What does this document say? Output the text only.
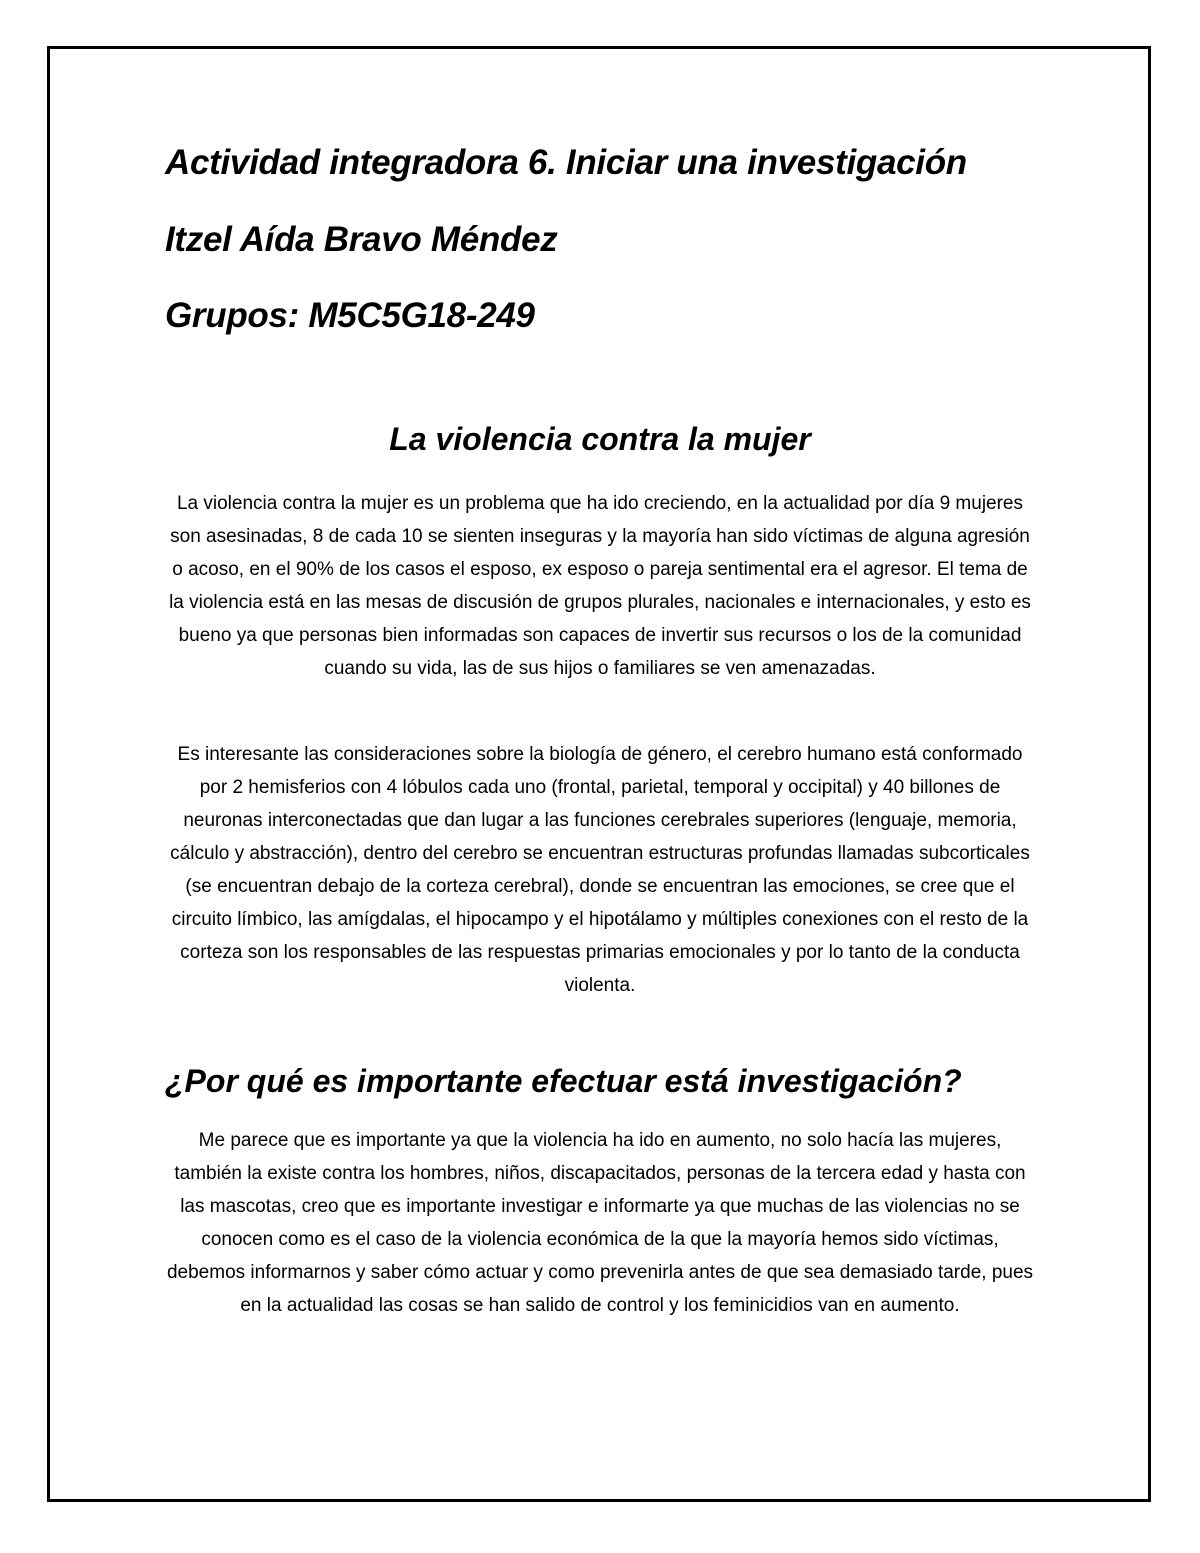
Actividad integradora 6. Iniciar una investigación
Itzel Aída Bravo Méndez
Grupos: M5C5G18-249
La violencia contra la mujer

La violencia contra la mujer es un problema que ha ido creciendo, en la actualidad por día 9 mujeres son asesinadas, 8 de cada 10 se sienten inseguras y la mayoría han sido víctimas de alguna agresión o acoso, en el 90% de los casos el esposo, ex esposo o pareja sentimental era el agresor. El tema de la violencia está en las mesas de discusión de grupos plurales, nacionales e internacionales, y esto es bueno ya que personas bien informadas son capaces de invertir sus recursos o los de la comunidad cuando su vida, las de sus hijos o familiares se ven amenazadas.

Es interesante las consideraciones sobre la biología de género, el cerebro humano está conformado por 2 hemisferios con 4 lóbulos cada uno (frontal, parietal, temporal y occipital) y 40 billones de neuronas interconectadas que dan lugar a las funciones cerebrales superiores (lenguaje, memoria, cálculo y abstracción), dentro del cerebro se encuentran estructuras profundas llamadas subcorticales (se encuentran debajo de la corteza cerebral), donde se encuentran las emociones, se cree que el circuito límbico, las amígdalas, el hipocampo y el hipotálamo y múltiples conexiones con el resto de la corteza son los responsables de las respuestas primarias emocionales y por lo tanto de la conducta violenta.

¿Por qué es importante efectuar está investigación?

Me parece que es importante ya que la violencia ha ido en aumento, no solo hacía las mujeres, también la existe contra los hombres, niños, discapacitados, personas de la tercera edad y hasta con las mascotas, creo que es importante investigar e informarte ya que muchas de las violencias no se conocen como es el caso de la violencia económica de la que la mayoría hemos sido víctimas, debemos informarnos y saber cómo actuar y como prevenirla antes de que sea demasiado tarde, pues en la actualidad las cosas se han salido de control y los feminicidios van en aumento.
